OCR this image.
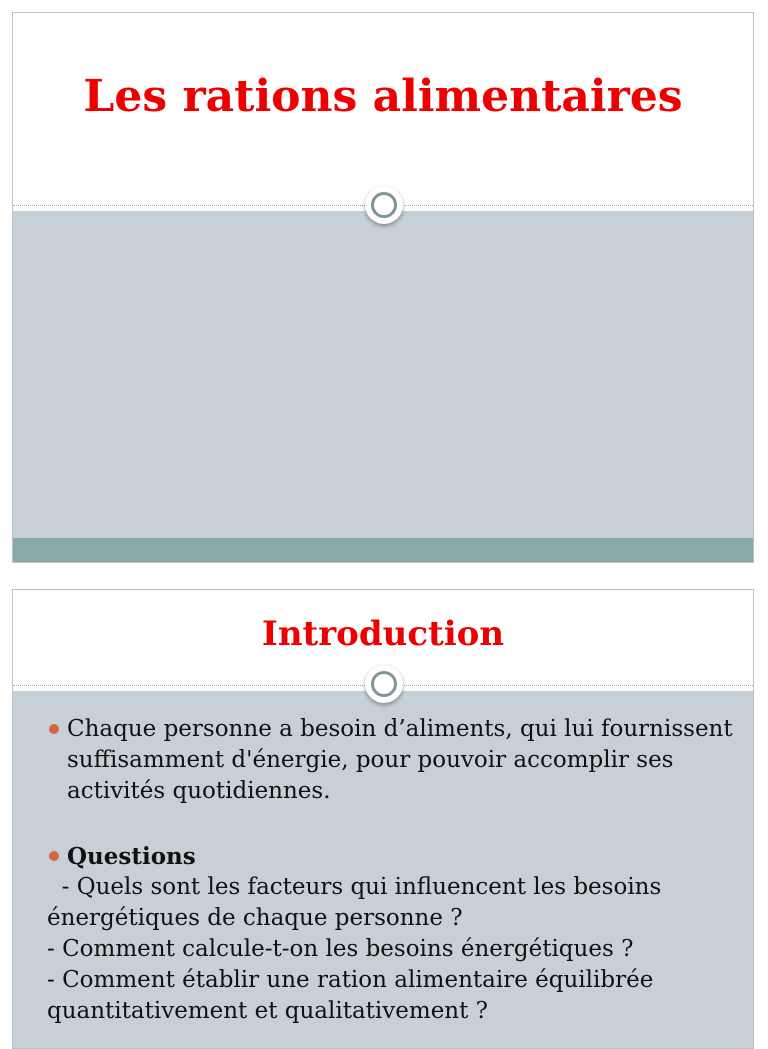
Les rations alimentaires
Introduction
Chaque personne a besoin d’aliments, qui lui fournissent suffisamment d'énergie, pour pouvoir accomplir ses activités quotidiennes.
Questions
- Quels sont les facteurs qui influencent les besoins énergétiques de chaque personne ?
- Comment calcule-t-on les besoins énergétiques ?
- Comment établir une ration alimentaire équilibrée quantitativement et qualitativement ?
